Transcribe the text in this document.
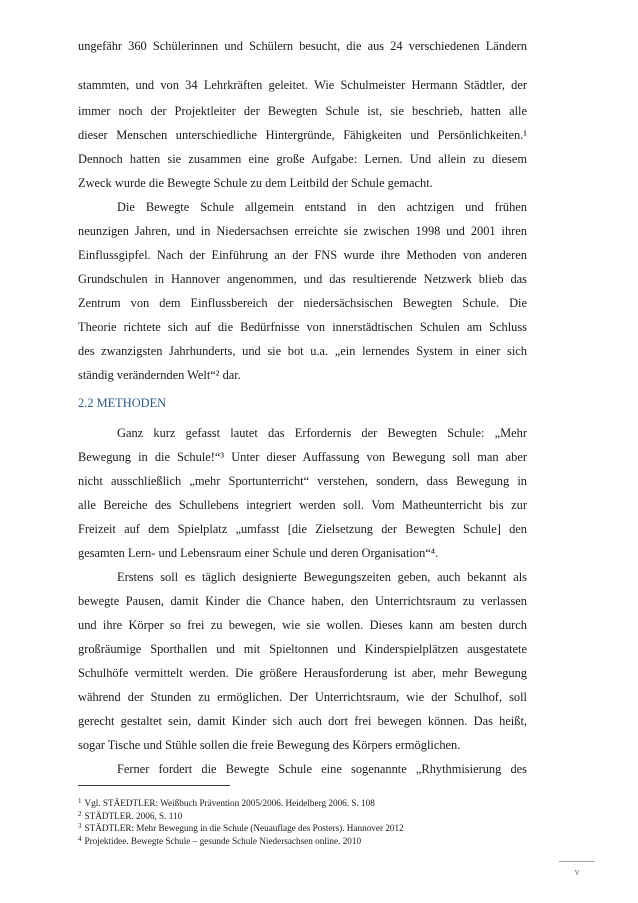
ungefähr 360 Schülerinnen und Schülern besucht, die aus 24 verschiedenen Ländern
stammten, und von 34 Lehrkräften geleitet. Wie Schulmeister Hermann Städtler, der
immer noch der Projektleiter der Bewegten Schule ist, sie beschrieb, hatten alle
dieser Menschen unterschiedliche Hintergründe, Fähigkeiten und Persönlichkeiten.¹
Dennoch hatten sie zusammen eine große Aufgabe: Lernen. Und allein zu diesem
Zweck wurde die Bewegte Schule zu dem Leitbild der Schule gemacht.
Die Bewegte Schule allgemein entstand in den achtzigen und frühen
neunzigen Jahren, und in Niedersachsen erreichte sie zwischen 1998 und 2001 ihren
Einflussgipfel. Nach der Einführung an der FNS wurde ihre Methoden von anderen
Grundschulen in Hannover angenommen, und das resultierende Netzwerk blieb das
Zentrum von dem Einflussbereich der niedersächsischen Bewegten Schule. Die
Theorie richtete sich auf die Bedürfnisse von innerstädtischen Schulen am Schluss
des zwanzigsten Jahrhunderts, und sie bot u.a. „ein lernendes System in einer sich
ständig verändernden Welt“² dar.
2.2 METHODEN
Ganz kurz gefasst lautet das Erfordernis der Bewegten Schule: „Mehr
Bewegung in die Schule!“³ Unter dieser Auffassung von Bewegung soll man aber
nicht ausschließlich „mehr Sportunterricht“ verstehen, sondern, dass Bewegung in
alle Bereiche des Schullebens integriert werden soll. Vom Matheunterricht bis zur
Freizeit auf dem Spielplatz „umfasst [die Zielsetzung der Bewegten Schule] den
gesamten Lern- und Lebensraum einer Schule und deren Organisation“⁴.
Erstens soll es täglich designierte Bewegungszeiten geben, auch bekannt als
bewegte Pausen, damit Kinder die Chance haben, den Unterrichtsraum zu verlassen
und ihre Körper so frei zu bewegen, wie sie wollen. Dieses kann am besten durch
großräumige Sporthallen und mit Spieltonnen und Kinderspielplätzen ausgestatete
Schulhöfe vermittelt werden. Die größere Herausforderung ist aber, mehr Bewegung
während der Stunden zu ermöglichen. Der Unterrichtsraum, wie der Schulhof, soll
gerecht gestaltet sein, damit Kinder sich auch dort frei bewegen können. Das heißt,
sogar Tische und Stühle sollen die freie Bewegung des Körpers ermöglichen.
Ferner fordert die Bewegte Schule eine sogenannte „Rhythmisierung des
$^1$ Vgl. STÄEDTLER: Weißbuch Prävention 2005/2006. Heidelberg 2006. S. 108
$^2$ STÄDTLER. 2006, S. 110
$^3$ STÄDTLER: Mehr Bewegung in die Schule (Neuauflage des Posters). Hannover 2012
$^4$ Projektidee. Bewegte Schule – gesunde Schule Niedersachsen online. 2010
v
